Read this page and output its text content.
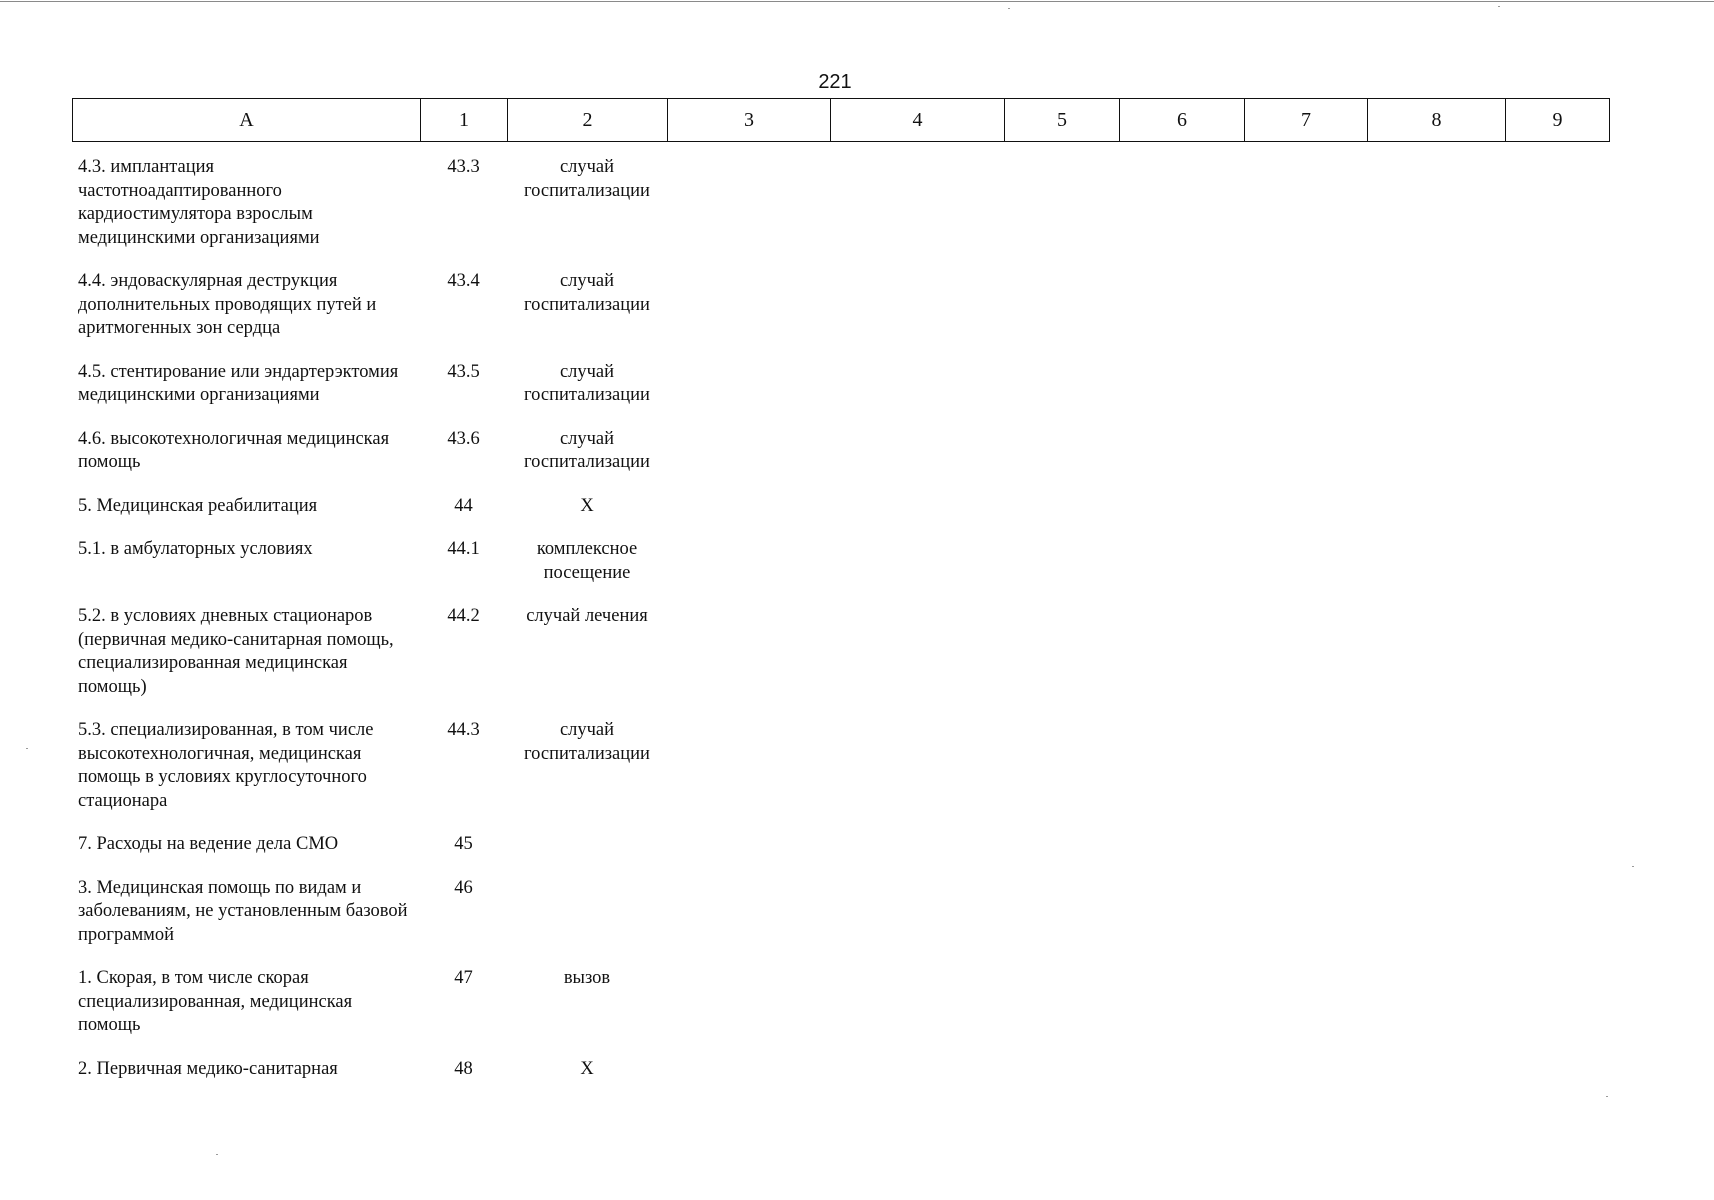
221
А	1	2	3	4	5	6	7	8	9
4.3. имплантация частотноадаптированного кардиостимулятора взрослым медицинскими организациями	43.3	случай госпитализации	
4.4. эндоваскулярная деструкция дополнительных проводящих путей и аритмогенных зон сердца	43.4	случай госпитализации	
4.5. стентирование или эндартерэктомия медицинскими организациями	43.5	случай госпитализации	
4.6. высокотехнологичная медицинская помощь	43.6	случай госпитализации	
5. Медицинская реабилитация	44	X	
5.1. в амбулаторных условиях	44.1	комплексное посещение	
5.2. в условиях дневных стационаров (первичная медико-санитарная помощь, специализированная медицинская помощь)	44.2	случай лечения	
5.3. специализированная, в том числе высокотехнологичная, медицинская помощь в условиях круглосуточного стационара	44.3	случай госпитализации	
7. Расходы на ведение дела СМО	45		
3. Медицинская помощь по видам и заболеваниям, не установленным базовой программой	46		
1. Скорая, в том числе скорая специализированная, медицинская помощь	47	вызов	
2. Первичная медико-санитарная	48	X	
